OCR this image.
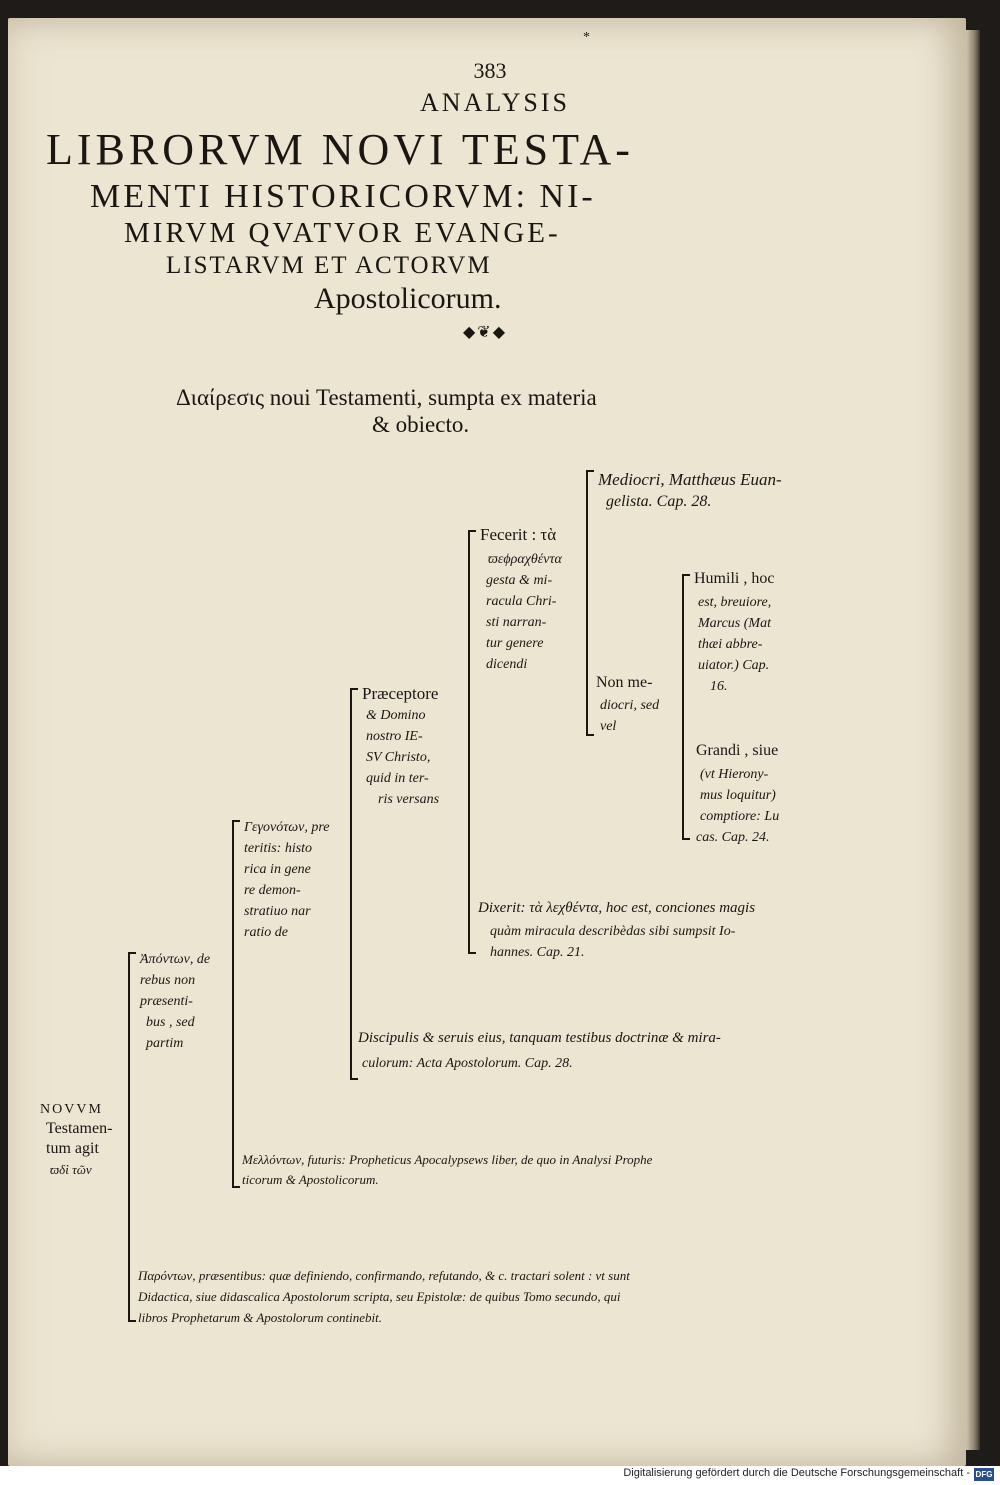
*
383
ANALYSIS
LIBRORVM NOVI TESTA-
MENTI HISTORICORVM: NI-
MIRVM QVATVOR EVANGE-
LISTARVM ET ACTORVM
Apostolicorum.
◆❦◆
Διαίρεσις noui Testamenti, sumpta ex materia
& obiecto.
Mediocri, Matthæus Euan-
gelista. Cap. 28.
Fecerit : τὰ
ϖεϕραχθέντα
gesta & mi-
racula Chri-
sti narran-
tur genere
dicendi
Humili , hoc
est, breuiore,
Marcus (Mat
thæi abbre-
uiator.) Cap.
16.
Non me-
diocri, sed
vel
Præceptore
& Domino
nostro IE-
SV Christo,
quid in ter-
ris versans
Grandi , siue
(vt Hierony-
mus loquitur)
comptiore: Lu
cas. Cap. 24.
Γεγονότων, pre
teritis: histo
rica in gene
re demon-
stratiuo nar
ratio de
Dixerit: τὰ λεχθέντα, hoc est, conciones magis
quàm miracula describèdas sibi sumpsit Io-
hannes. Cap. 21.
Ἀπόντων, de
rebus non
præsenti-
bus , sed
partim	Discipulis & seruis eius, tanquam testibus doctrinæ & mira-
culorum: Acta Apostolorum. Cap. 28.
NOVVM
Testamen-
tum agit
ϖδὶ τῶν
Μελλόντων, futuris: Propheticus Apocalypsews liber, de quo in Analysi Prophe
ticorum & Apostolicorum.
Παρόντων, præsentibus: quæ definiendo, confirmando, refutando, & c. tractari solent : vt sunt
Didactica, siue didascalica Apostolorum scripta, seu Epistolæ: de quibus Tomo secundo, qui
libros Prophetarum & Apostolorum continebit.
Digitalisierung gefördert durch die Deutsche Forschungsgemeinschaft - DFG
